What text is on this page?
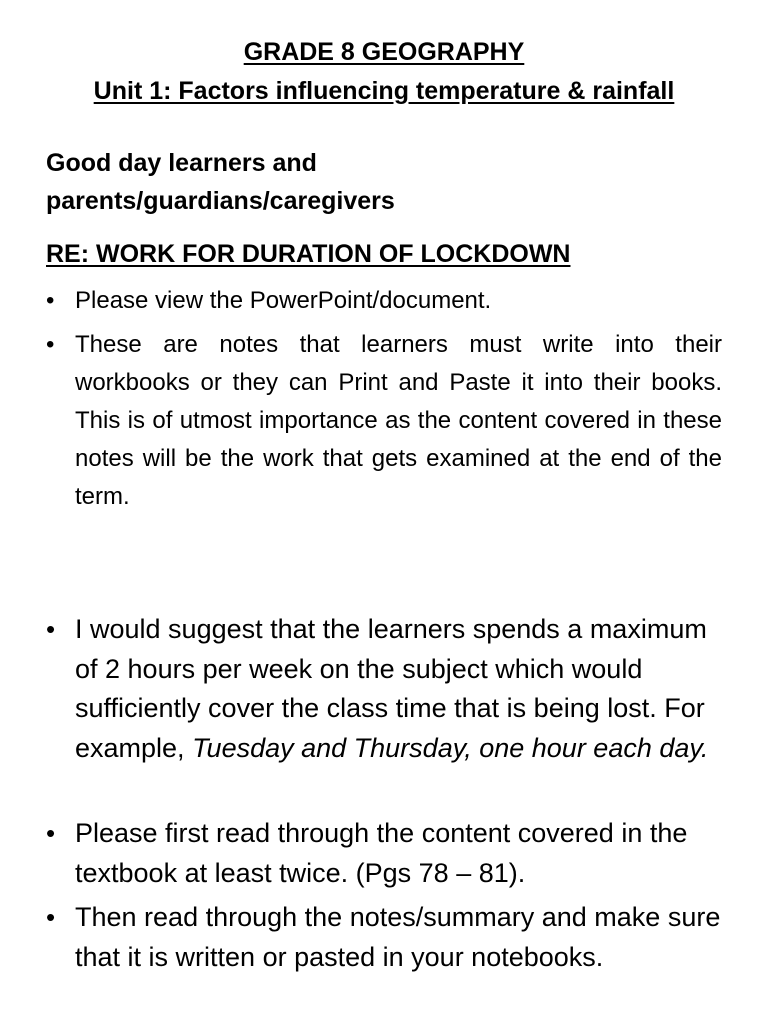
GRADE 8 GEOGRAPHY
Unit 1: Factors influencing temperature & rainfall
Good day learners and
parents/guardians/caregivers
RE: WORK FOR DURATION OF LOCKDOWN
• Please view the PowerPoint/document.
• These are notes that learners must write into their workbooks or they can Print and Paste it into their books. This is of utmost importance as the content covered in these notes will be the work that gets examined at the end of the term.
• I would suggest that the learners spends a maximum of 2 hours per week on the subject which would sufficiently cover the class time that is being lost. For example, Tuesday and Thursday, one hour each day.
• Please first read through the content covered in the textbook at least twice. (Pgs 78 – 81).
• Then read through the notes/summary and make sure that it is written or pasted in your notebooks.
